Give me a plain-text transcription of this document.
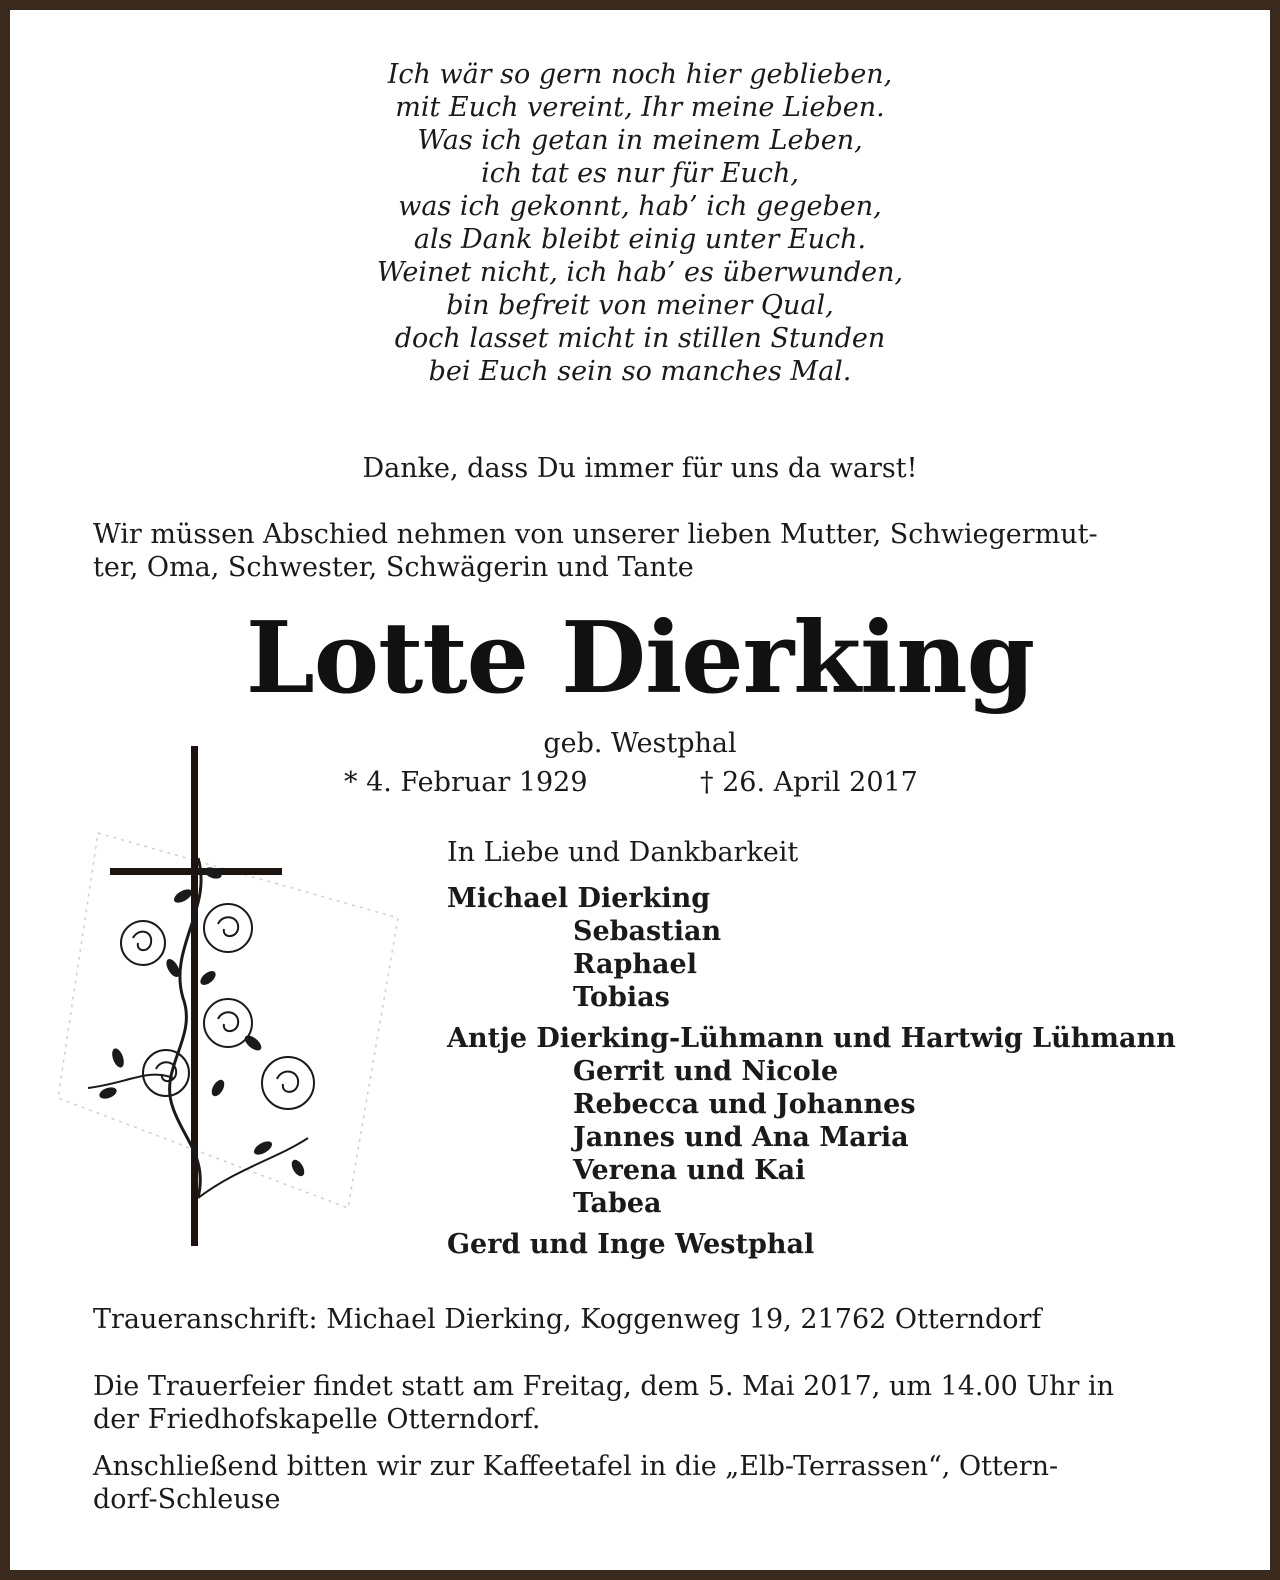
Ich wär so gern noch hier geblieben,
mit Euch vereint, Ihr meine Lieben.
Was ich getan in meinem Leben,
ich tat es nur für Euch,
was ich gekonnt, hab’ ich gegeben,
als Dank bleibt einig unter Euch.
Weinet nicht, ich hab’ es überwunden,
bin befreit von meiner Qual,
doch lasset micht in stillen Stunden
bei Euch sein so manches Mal.
Danke, dass Du immer für uns da warst!
Wir müssen Abschied nehmen von unserer lieben Mutter, Schwiegermut-
ter, Oma, Schwester, Schwägerin und Tante
Lotte Dierking
geb. Westphal
* 4. Februar 1929	† 26. April 2017
In Liebe und Dankbarkeit
Michael Dierking
Sebastian
Raphael
Tobias
Antje Dierking-Lühmann und Hartwig Lühmann
Gerrit und Nicole
Rebecca und Johannes
Jannes und Ana Maria
Verena und Kai
Tabea
Gerd und Inge Westphal
Traueranschrift: Michael Dierking, Koggenweg 19, 21762 Otterndorf
Die Trauerfeier findet statt am Freitag, dem 5. Mai 2017, um 14.00 Uhr in
der Friedhofskapelle Otterndorf.
Anschließend bitten wir zur Kaffeetafel in die „Elb-Terrassen“, Ottern-
dorf-Schleuse
